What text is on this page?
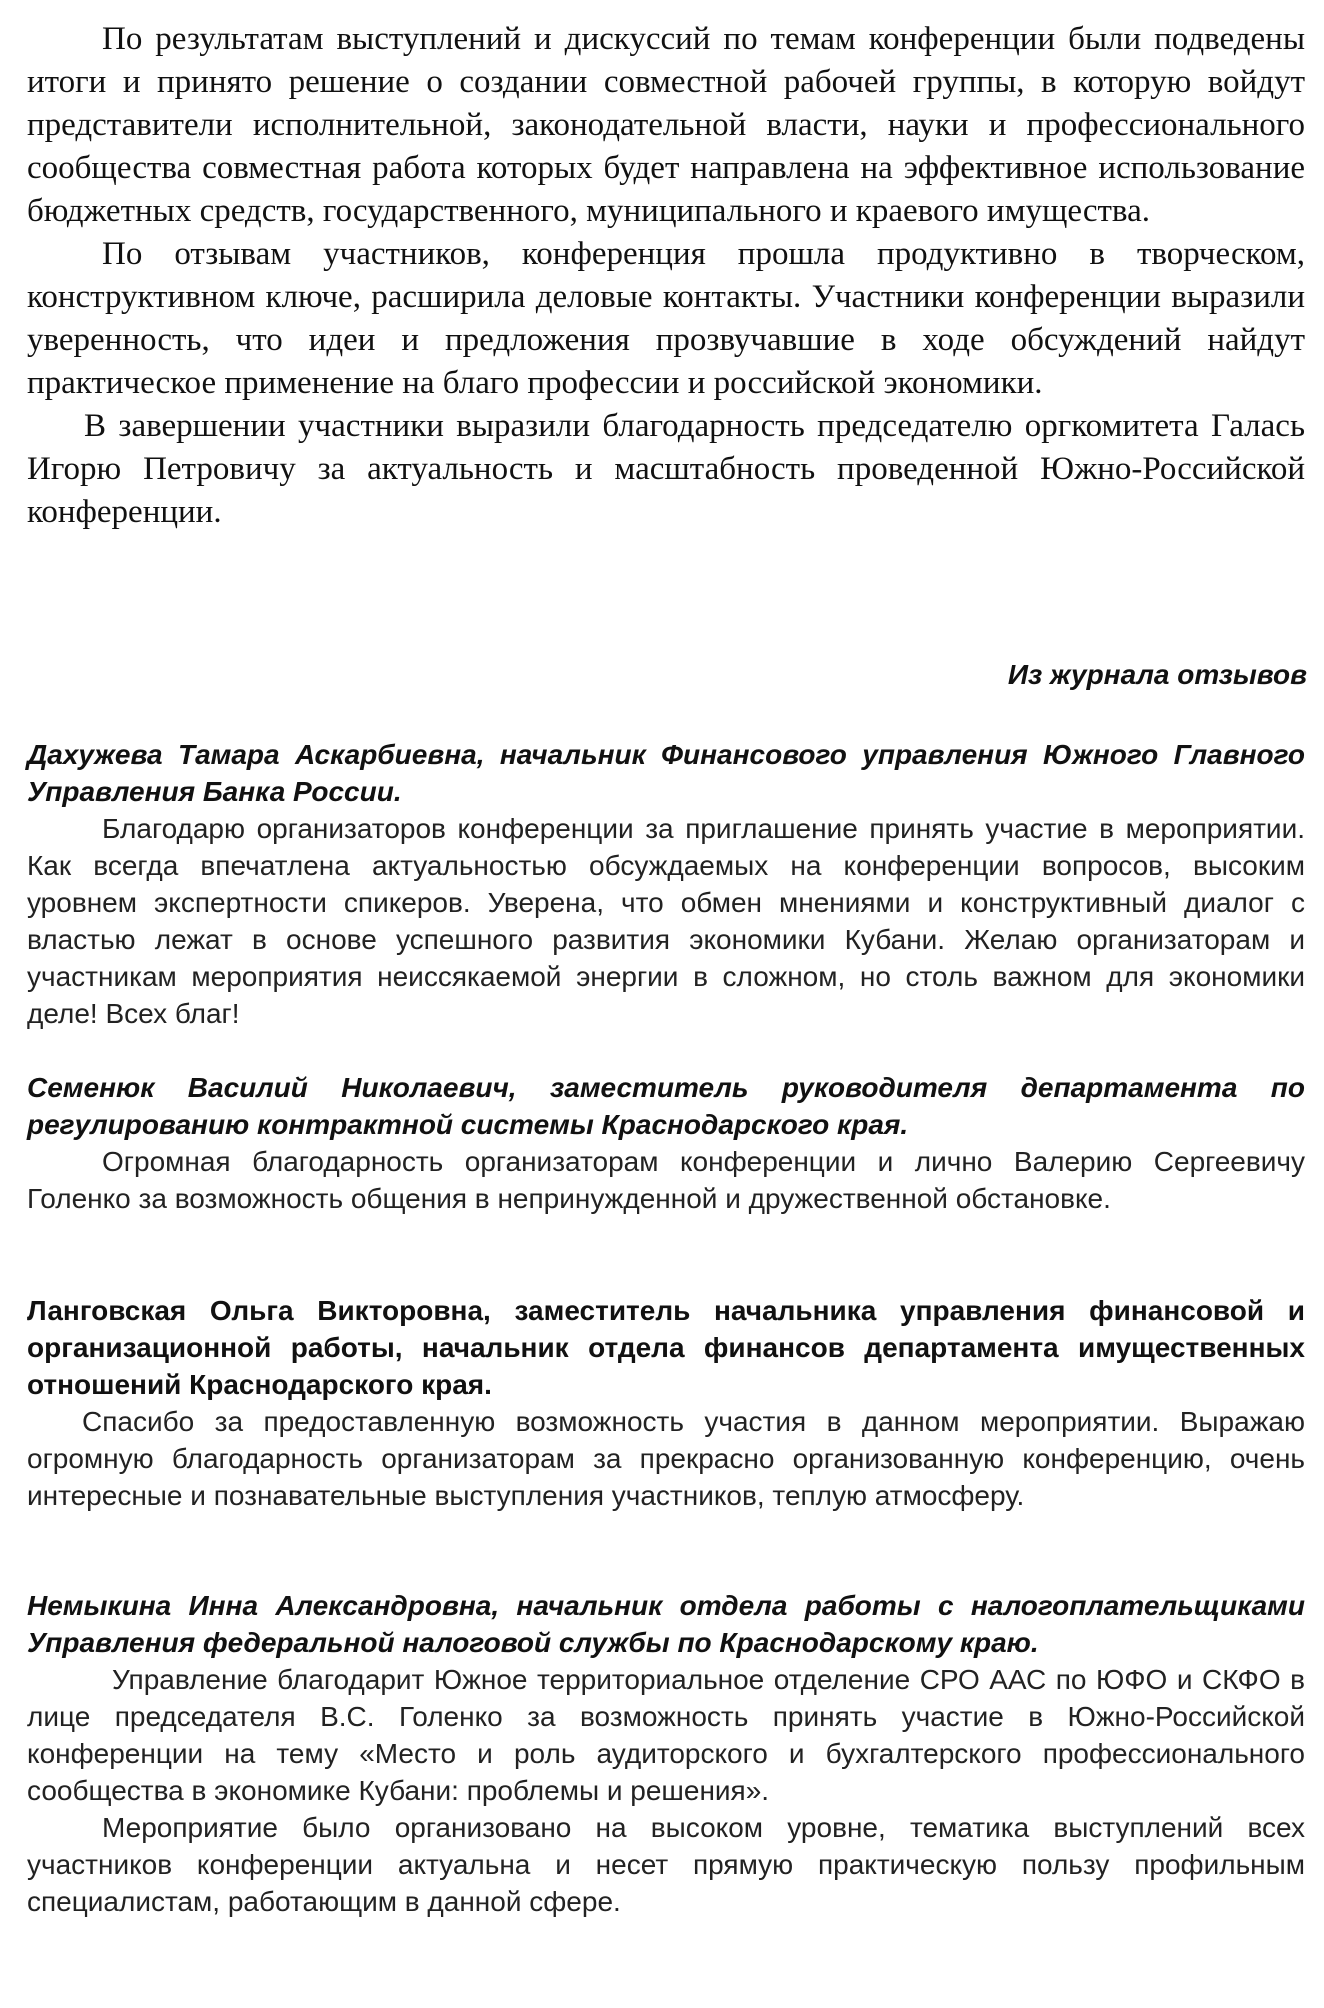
По результатам выступлений и дискуссий по темам конференции были подведены итоги и принято решение о создании совместной рабочей группы, в которую войдут представители исполнительной, законодательной власти, науки и профессионального сообщества совместная работа которых будет направлена на эффективное использование бюджетных средств, государственного, муниципального и краевого имущества.

По отзывам участников, конференция прошла продуктивно в творческом, конструктивном ключе, расширила деловые контакты. Участники конференции выразили уверенность, что идеи и предложения прозвучавшие в ходе обсуждений найдут практическое применение на благо профессии и российской экономики.

В завершении участники выразили благодарность председателю оргкомитета Галась Игорю Петровичу за актуальность и масштабность проведенной Южно-Российской конференции.

Из журнала отзывов

Дахужева Тамара Аскарбиевна, начальник Финансового управления Южного Главного Управления Банка России.

Благодарю организаторов конференции за приглашение принять участие в мероприятии. Как всегда впечатлена актуальностью обсуждаемых на конференции вопросов, высоким уровнем экспертности спикеров. Уверена, что обмен мнениями и конструктивный диалог с властью лежат в основе успешного развития экономики Кубани. Желаю организаторам и участникам мероприятия неиссякаемой энергии в сложном, но столь важном для экономики деле! Всех благ!

Семенюк Василий Николаевич, заместитель руководителя департамента по регулированию контрактной системы Краснодарского края.

Огромная благодарность организаторам конференции и лично Валерию Сергеевичу Голенко за возможность общения в непринужденной и дружественной обстановке.

Ланговская Ольга Викторовна, заместитель начальника управления финансовой и организационной работы, начальник отдела финансов департамента имущественных отношений Краснодарского края.

Спасибо за предоставленную возможность участия в данном мероприятии. Выражаю огромную благодарность организаторам за прекрасно организованную конференцию, очень интересные и познавательные выступления участников, теплую атмосферу.

Немыкина Инна Александровна, начальник отдела работы с налогоплательщиками Управления федеральной налоговой службы по Краснодарскому краю.

Управление благодарит Южное территориальное отделение СРО ААС по ЮФО и СКФО в лице председателя В.С. Голенко за возможность принять участие в Южно-Российской конференции на тему «Место и роль аудиторского и бухгалтерского профессионального сообщества в экономике Кубани: проблемы и решения».

Мероприятие было организовано на высоком уровне, тематика выступлений всех участников конференции актуальна и несет прямую практическую пользу профильным специалистам, работающим в данной сфере.
